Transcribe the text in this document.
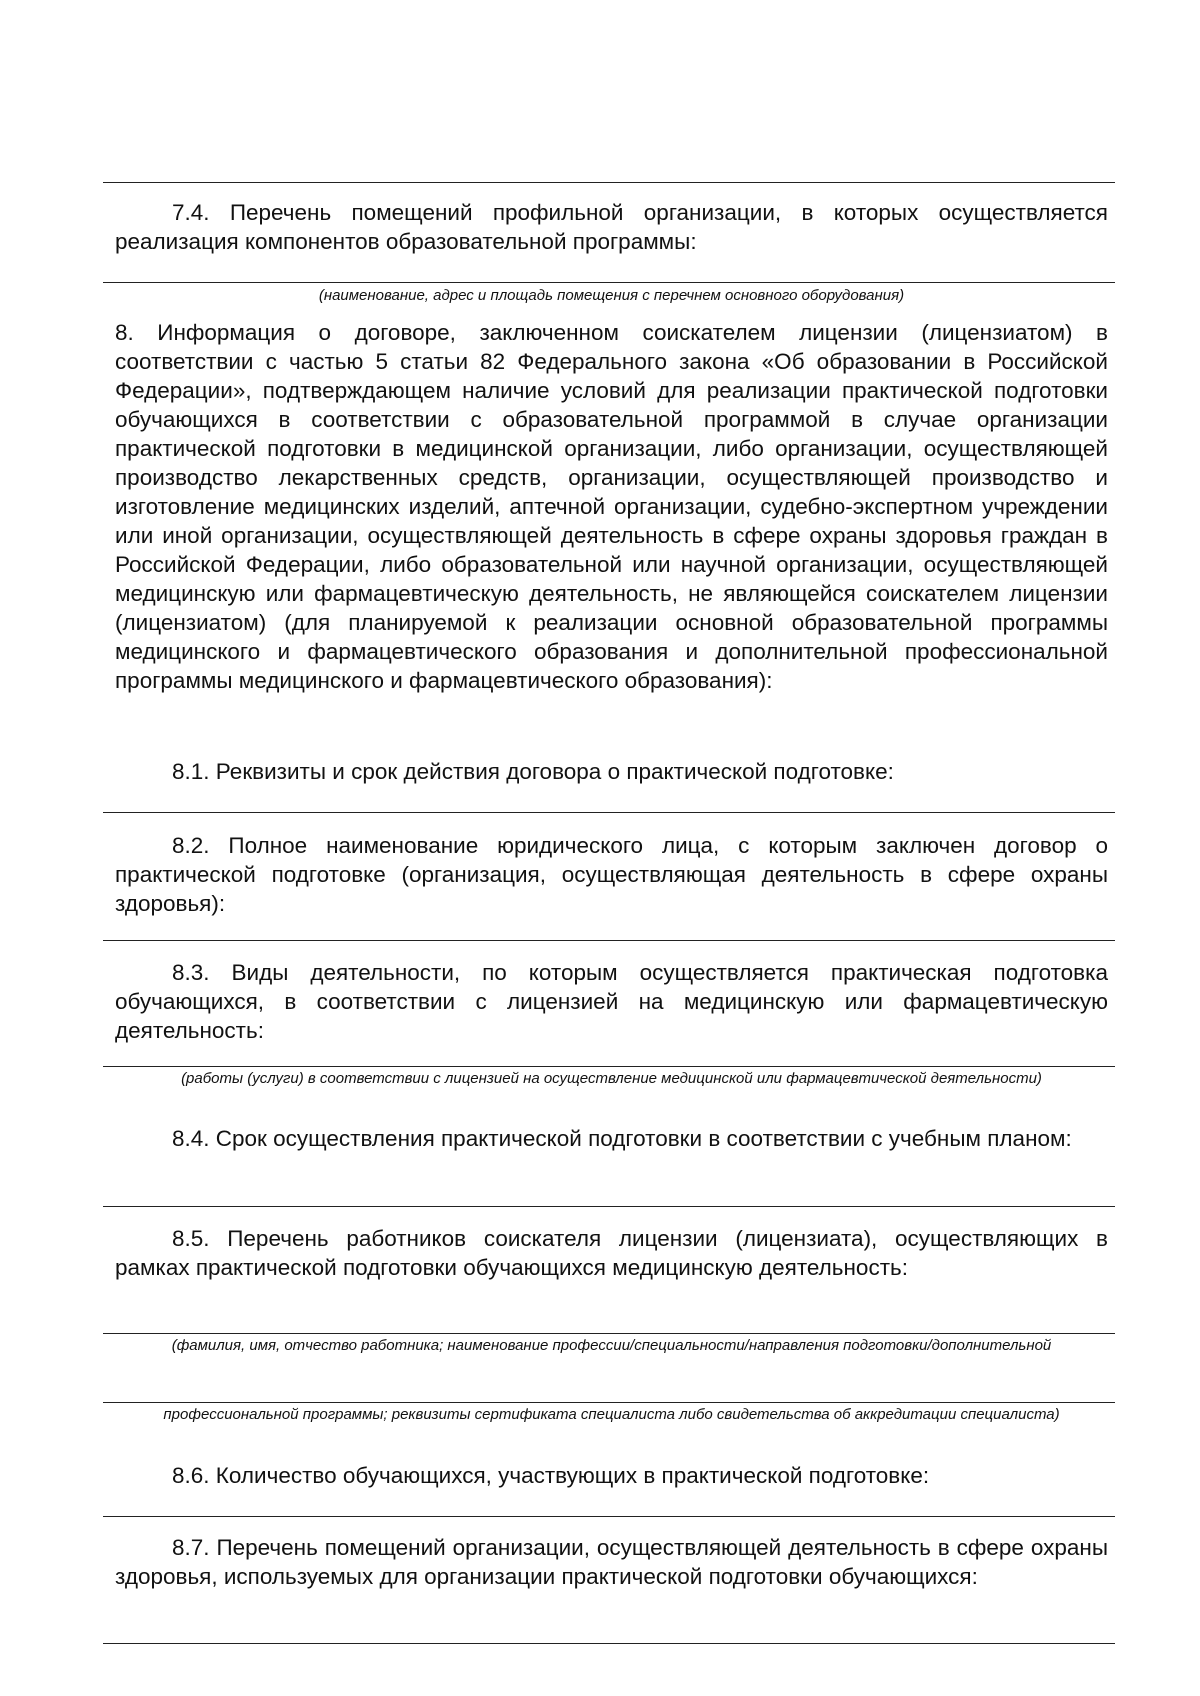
7.4. Перечень помещений профильной организации, в которых осуществляется реализация компонентов образовательной программы:

(наименование, адрес и площадь помещения с перечнем основного оборудования)

8. Информация о договоре, заключенном соискателем лицензии (лицензиатом) в соответствии с частью 5 статьи 82 Федерального закона «Об образовании в Российской Федерации», подтверждающем наличие условий для реализации практической подготовки обучающихся в соответствии с образовательной программой в случае организации практической подготовки в медицинской организации, либо организации, осуществляющей производство лекарственных средств, организации, осуществляющей производство и изготовление медицинских изделий, аптечной организации, судебно-экспертном учреждении или иной организации, осуществляющей деятельность в сфере охраны здоровья граждан в Российской Федерации, либо образовательной или научной организации, осуществляющей медицинскую или фармацевтическую деятельность, не являющейся соискателем лицензии (лицензиатом) (для планируемой к реализации основной образовательной программы медицинского и фармацевтического образования и дополнительной профессиональной программы медицинского и фармацевтического образования):

8.1. Реквизиты и срок действия договора о практической подготовке:

8.2. Полное наименование юридического лица, с которым заключен договор о практической подготовке (организация, осуществляющая деятельность в сфере охраны здоровья):

8.3. Виды деятельности, по которым осуществляется практическая подготовка обучающихся, в соответствии с лицензией на медицинскую или фармацевтическую деятельность:

(работы (услуги) в соответствии с лицензией на осуществление медицинской или фармацевтической деятельности)

8.4. Срок осуществления практической подготовки в соответствии с учебным планом:

8.5. Перечень работников соискателя лицензии (лицензиата), осуществляющих в рамках практической подготовки обучающихся медицинскую деятельность:

(фамилия, имя, отчество работника; наименование профессии/специальности/направления подготовки/дополнительной

профессиональной программы; реквизиты сертификата специалиста либо свидетельства об аккредитации специалиста)

8.6. Количество обучающихся, участвующих в практической подготовке:

8.7. Перечень помещений организации, осуществляющей деятельность в сфере охраны здоровья, используемых для организации практической подготовки обучающихся:
